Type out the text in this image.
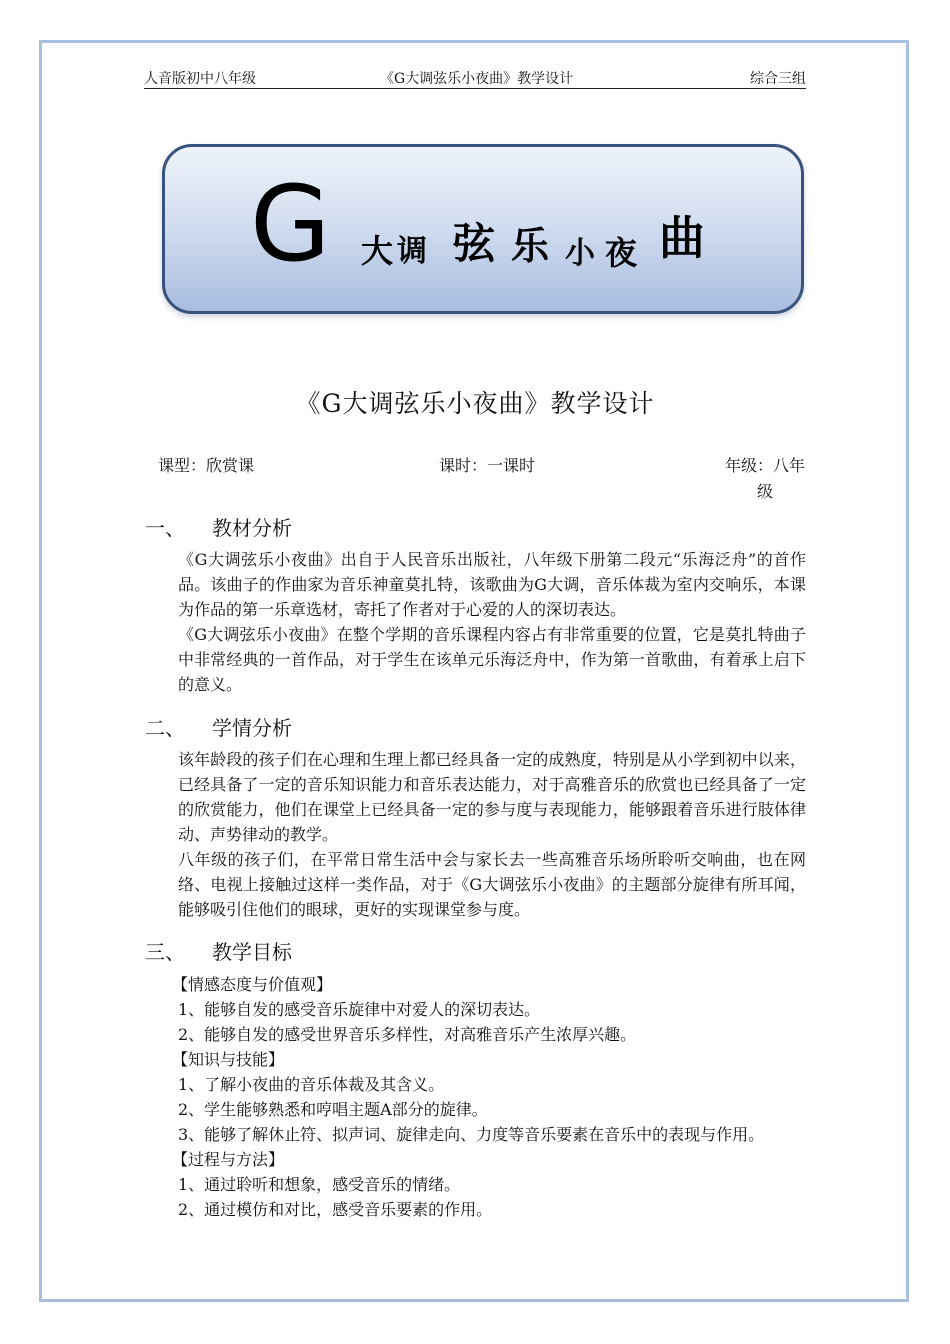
人音版初中八年级	《G大调弦乐小夜曲》教学设计	综合三组
G 大 调 弦 乐 小 夜 曲
《G大调弦乐小夜曲》教学设计
课型：欣赏课	课时：一课时	年级：八年级
一、 教材分析

《G大调弦乐小夜曲》出自于人民音乐出版社，八年级下册第二段元“乐海泛舟”的首作品。该曲子的作曲家为音乐神童莫扎特，该歌曲为G大调，音乐体裁为室内交响乐，本课为作品的第一乐章选材，寄托了作者对于心爱的人的深切表达。

《G大调弦乐小夜曲》在整个学期的音乐课程内容占有非常重要的位置，它是莫扎特曲子中非常经典的一首作品，对于学生在该单元乐海泛舟中，作为第一首歌曲，有着承上启下的意义。

二、 学情分析

该年龄段的孩子们在心理和生理上都已经具备一定的成熟度，特别是从小学到初中以来，已经具备了一定的音乐知识能力和音乐表达能力，对于高雅音乐的欣赏也已经具备了一定的欣赏能力，他们在课堂上已经具备一定的参与度与表现能力，能够跟着音乐进行肢体律动、声势律动的教学。

八年级的孩子们，在平常日常生活中会与家长去一些高雅音乐场所聆听交响曲，也在网络、电视上接触过这样一类作品，对于《G大调弦乐小夜曲》的主题部分旋律有所耳闻，能够吸引住他们的眼球，更好的实现课堂参与度。

三、 教学目标
【情感态度与价值观】
1、能够自发的感受音乐旋律中对爱人的深切表达。
2、能够自发的感受世界音乐多样性，对高雅音乐产生浓厚兴趣。
【知识与技能】
1、了解小夜曲的音乐体裁及其含义。
2、学生能够熟悉和哼唱主题A部分的旋律。
3、能够了解休止符、拟声词、旋律走向、力度等音乐要素在音乐中的表现与作用。
【过程与方法】
1、通过聆听和想象，感受音乐的情绪。
2、通过模仿和对比，感受音乐要素的作用。
